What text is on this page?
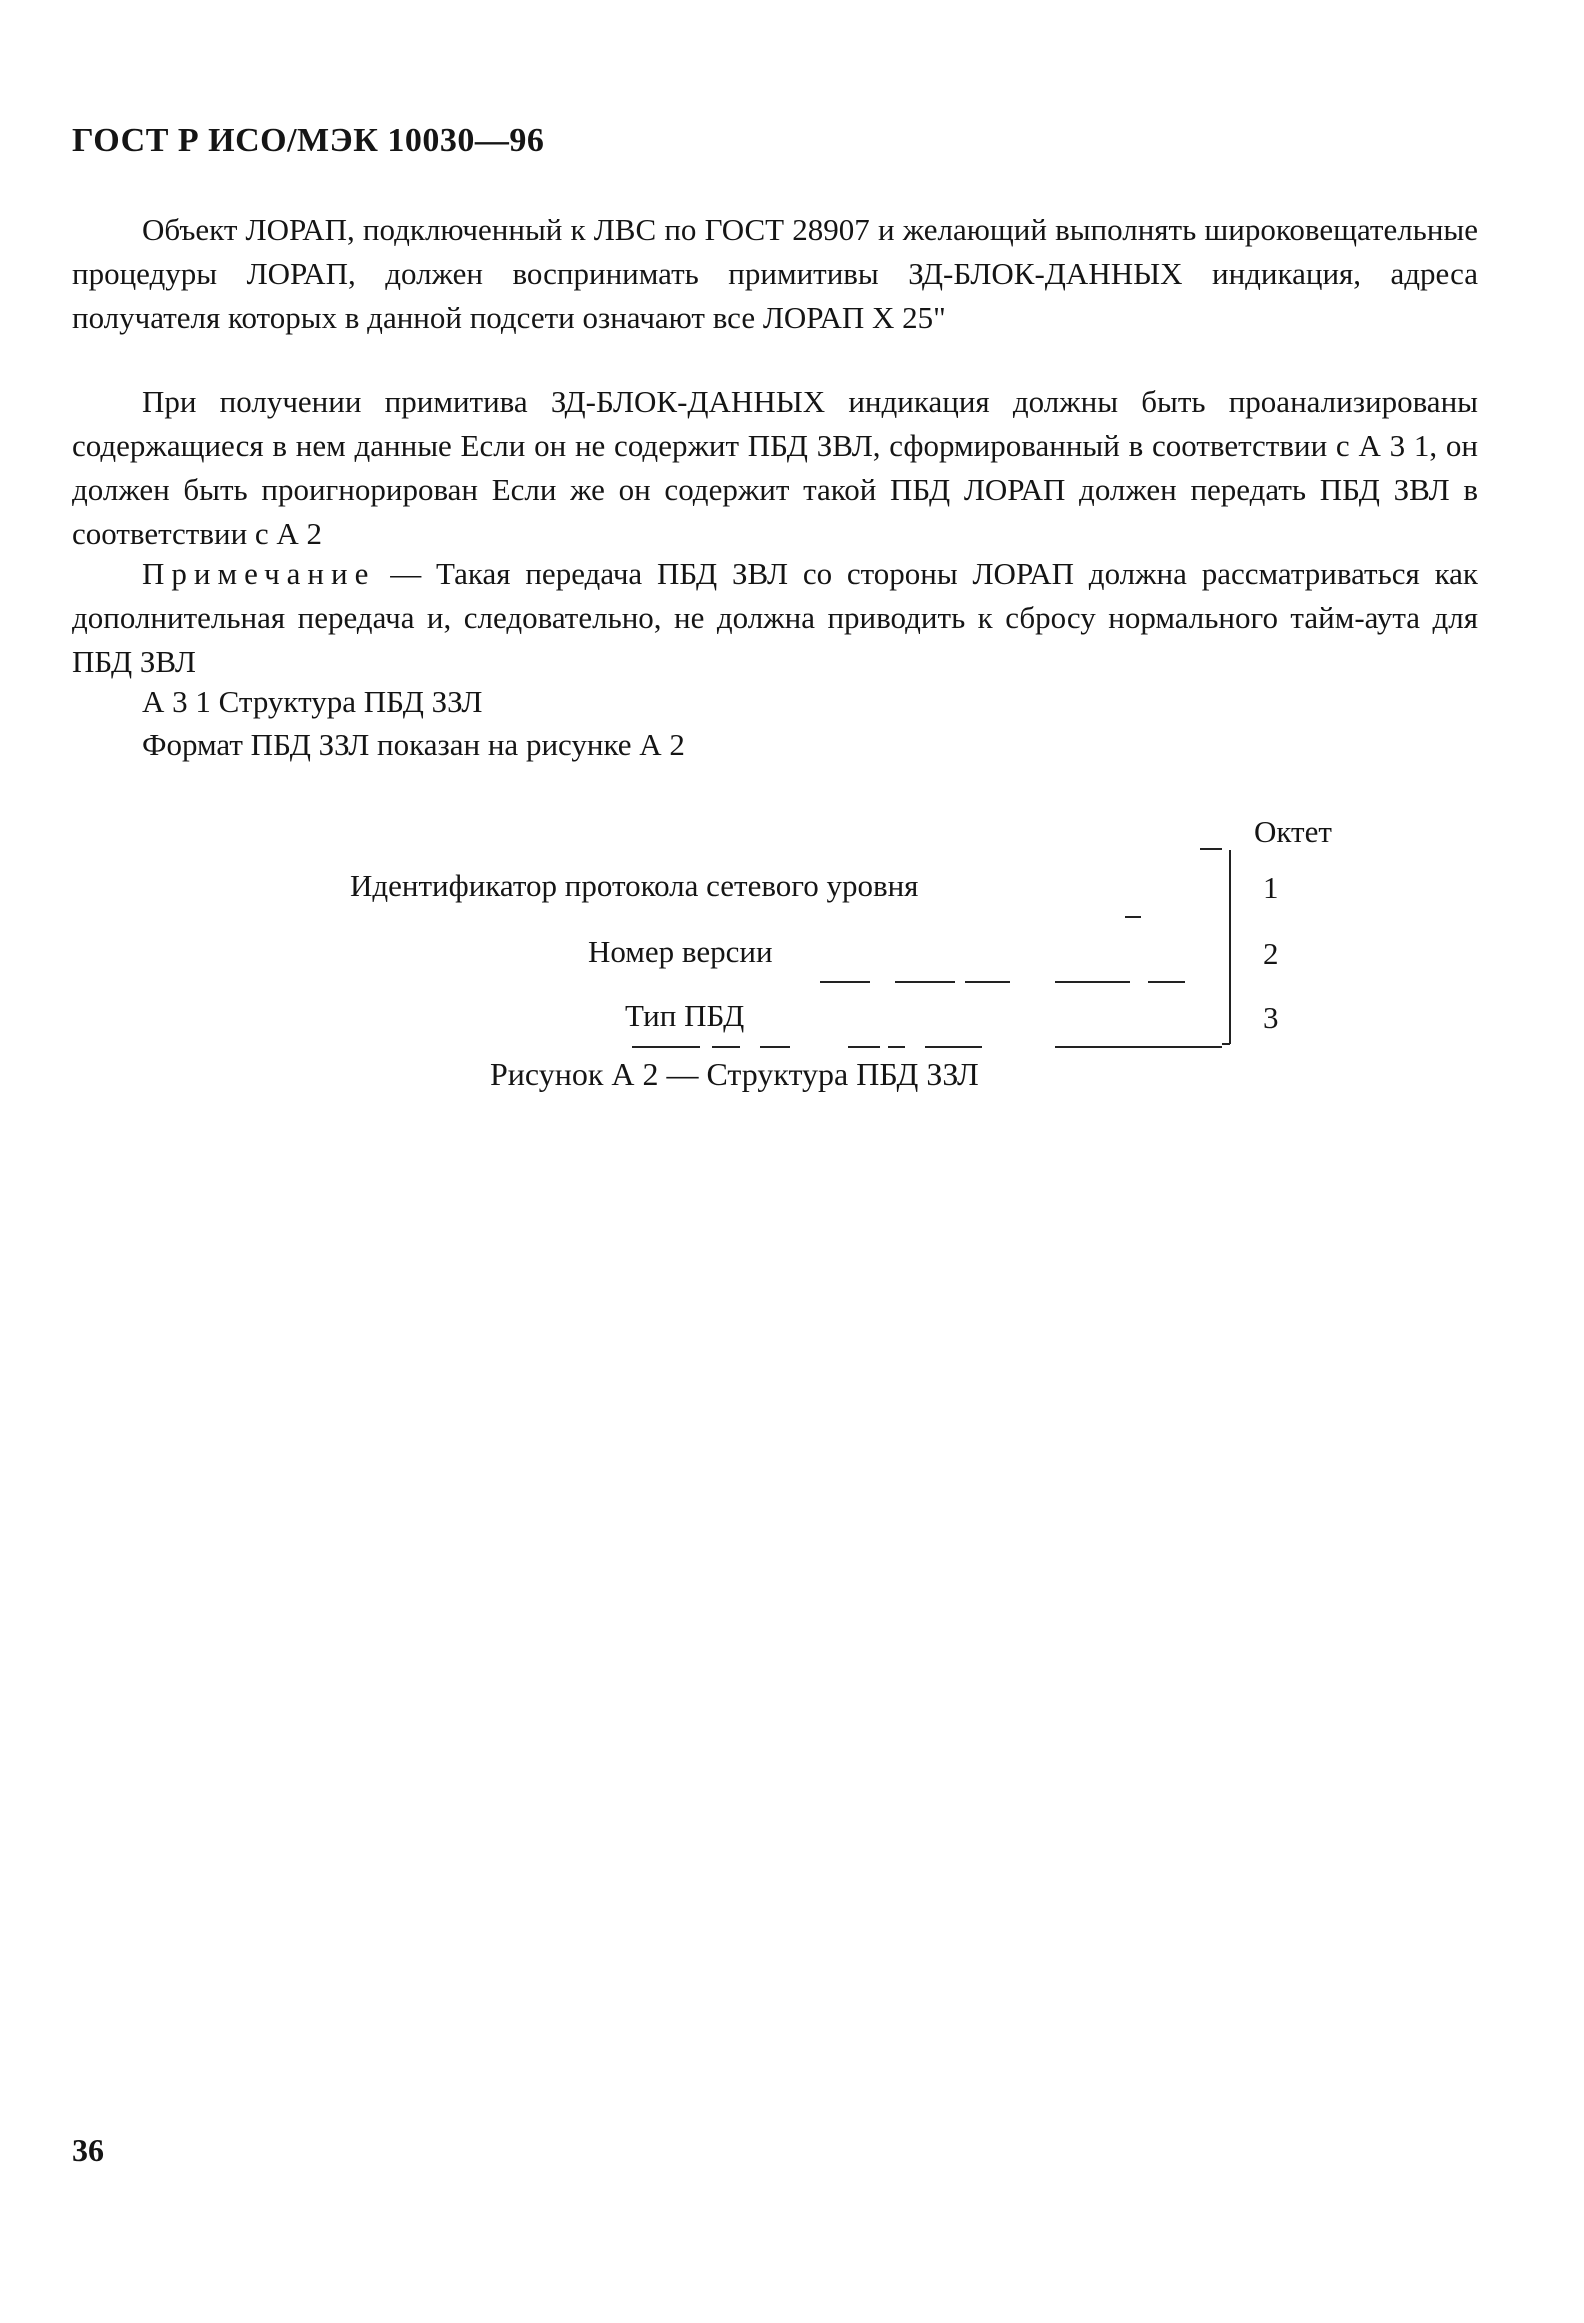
ГОСТ Р ИСО/МЭК 10030—96

Объект ЛОРАП, подключенный к ЛВС по ГОСТ 28907 и желающий выполнять широковещательные процедуры ЛОРАП, должен воспринимать примитивы ЗД-БЛОК-ДАННЫХ индикация, адреса получателя которых в данной подсети означают все ЛОРАП Х 25"

При получении примитива ЗД-БЛОК-ДАННЫХ индикация должны быть проанализированы содержащиеся в нем данные Если он не содержит ПБД ЗВЛ, сформированный в соответствии с А 3 1, он должен быть проигнорирован Если же он содержит такой ПБД ЛОРАП должен передать ПБД ЗВЛ в соответствии с А 2

Примечание — Такая передача ПБД ЗВЛ со стороны ЛОРАП должна рассматриваться как дополнительная передача и, следовательно, не должна приводить к сбросу нормального тайм-аута для ПБД ЗВЛ

А 3 1 Структура ПБД ЗЗЛ
Формат ПБД ЗЗЛ показан на рисунке А 2
Октет
Идентификатор протокола сетевого уровня	1
Номер версии	2
Тип ПБД	3
Рисунок А 2 — Структура ПБД ЗЗЛ
36
